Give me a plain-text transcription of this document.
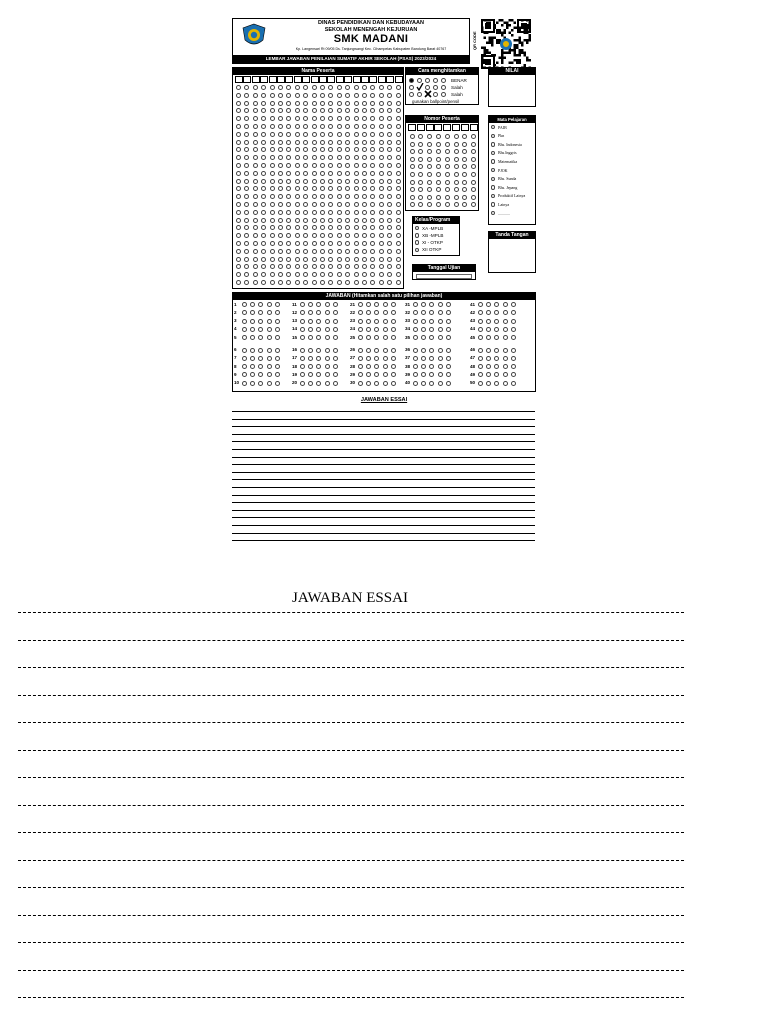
DINAS PENDIDIKAN DAN KEBUDAYAAN
SEKOLAH MENENGAH KEJURUAN
SMK MADANI
Kp. Langensari Rt 09/05 Ds. Tanjungwangi Kec. Cihampelas Kabupaten Bandung Barat 40767
LEMBAR JAWABAN PENILAIAN SUMATIF AKHIR SEKOLAH (PSAS) 2023/2024
QR CODE
Nama Peserta	Cara menghitamkan
BENAR
Salah
Salah
gunakan ballpoint/pensil
NILAI
Nomor Peserta	Mata Pelajaran
PAIB
Pkn
Bhs. Indonesia
Bhs.Inggris
Matematika
PJOK
Bhs. Sunda
Bhs. Jepang
Produktif Lainya
Lainya
............
Kelas/Program
XA -MPLB
XB -MPLB
XI - OTKP
XII OTKP
Tanda Tangan
Tanggal Ujian
JAWABAN (Hitamkan salah satu pilihan jawaban)
1
2
3
4
5
6
7
8
9
10
11
12
13
14
15
16
17
18
19
20
21
22
23
24
25
26
27
28
29
30
31
32
33
34
35
36
37
38
39
40
41
42
43
44
45
46
47
48
49
50
JAWABAN ESSAI
JAWABAN ESSAI
